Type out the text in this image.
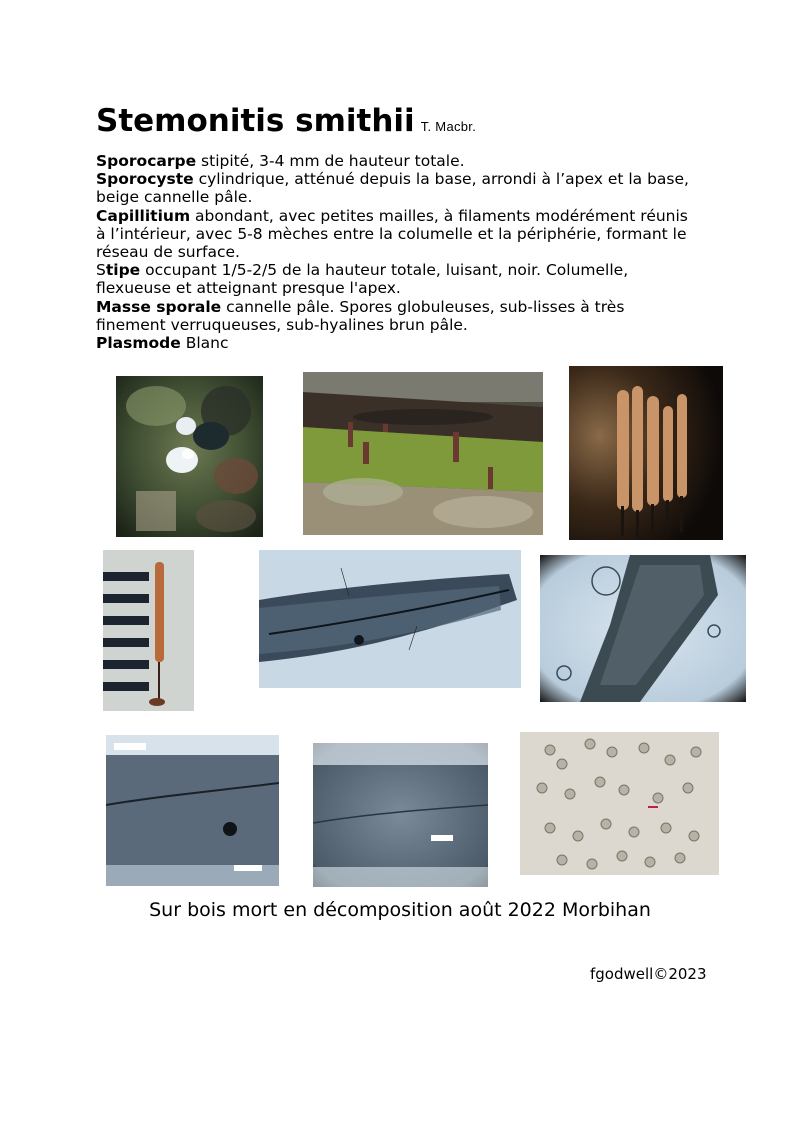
Stemonitis smithii T. Macbr.

Sporocarpe stipité, 3-4 mm de hauteur totale.

Sporocyste cylindrique, atténué depuis la base, arrondi à l’apex et la base, beige cannelle pâle.

Capillitium abondant, avec petites mailles, à filaments modérément réunis à l’intérieur, avec 5-8 mèches entre la columelle et la périphérie, formant le réseau de surface.

Stipe occupant 1/5-2/5 de la hauteur totale, luisant, noir. Columelle, flexueuse et atteignant presque l'apex.

Masse sporale cannelle pâle. Spores globuleuses, sub-lisses à très finement verruqueuses, sub-hyalines brun pâle.

Plasmode Blanc

Sur bois mort en décomposition août 2022 Morbihan
fgodwell©2023
